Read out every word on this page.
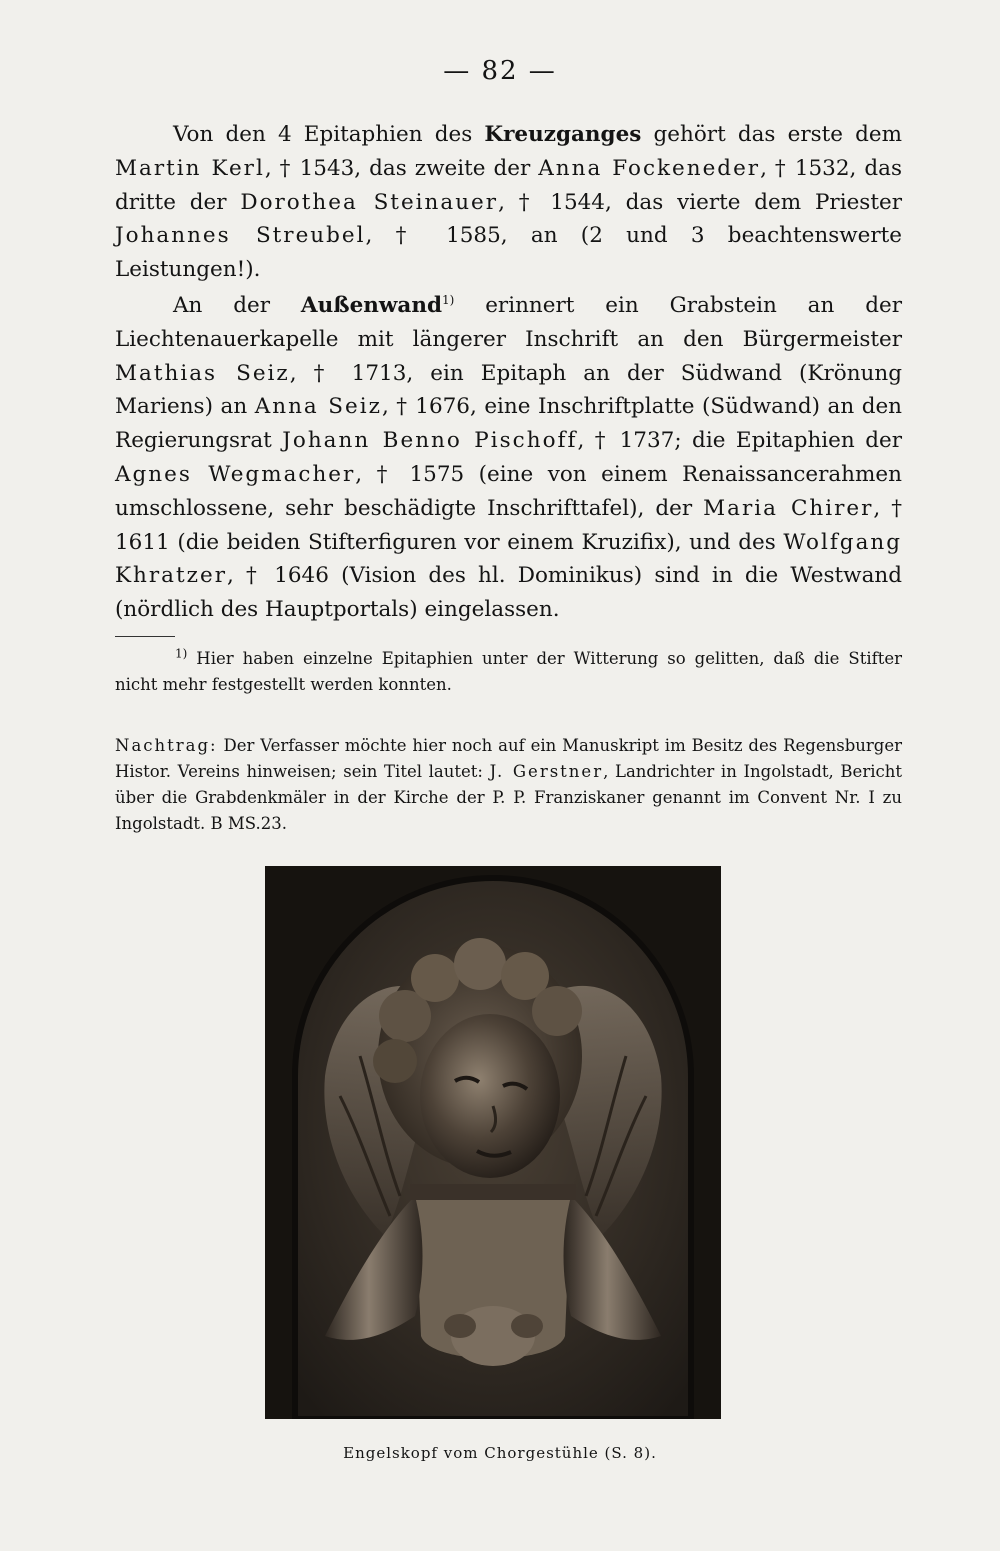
— 82 —

Von den 4 Epitaphien des Kreuzganges gehört das erste dem Martin Kerl, † 1543, das zweite der Anna Fockeneder, † 1532, das dritte der Dorothea Steinauer, † 1544, das vierte dem Priester Johannes Streubel, † 1585, an (2 und 3 beachtenswerte Leistungen!).

An der Außenwand$^{1)}$ erinnert ein Grabstein an der Liechtenauerkapelle mit längerer Inschrift an den Bürgermeister Mathias Seiz, † 1713, ein Epitaph an der Südwand (Krönung Mariens) an Anna Seiz, † 1676, eine Inschriftplatte (Südwand) an den Regierungsrat Johann Benno Pischoff, † 1737; die Epitaphien der Agnes Wegmacher, † 1575 (eine von einem Renaissancerahmen umschlossene, sehr beschädigte Inschrifttafel), der Maria Chirer, † 1611 (die beiden Stifterfiguren vor einem Kruzifix), und des Wolfgang Khratzer, † 1646 (Vision des hl. Dominikus) sind in die Westwand (nördlich des Hauptportals) eingelassen.

$^{1)}$ Hier haben einzelne Epitaphien unter der Witterung so gelitten, daß die Stifter nicht mehr festgestellt werden konnten.
Nachtrag: Der Verfasser möchte hier noch auf ein Manuskript im Besitz des Regensburger Histor. Vereins hinweisen; sein Titel lautet: J. Gerstner, Landrichter in Ingolstadt, Bericht über die Grabdenkmäler in der Kirche der P. P. Franziskaner genannt im Convent Nr. I zu Ingolstadt. B MS.23.
Engelskopf vom Chorgestühle (S. 8).
